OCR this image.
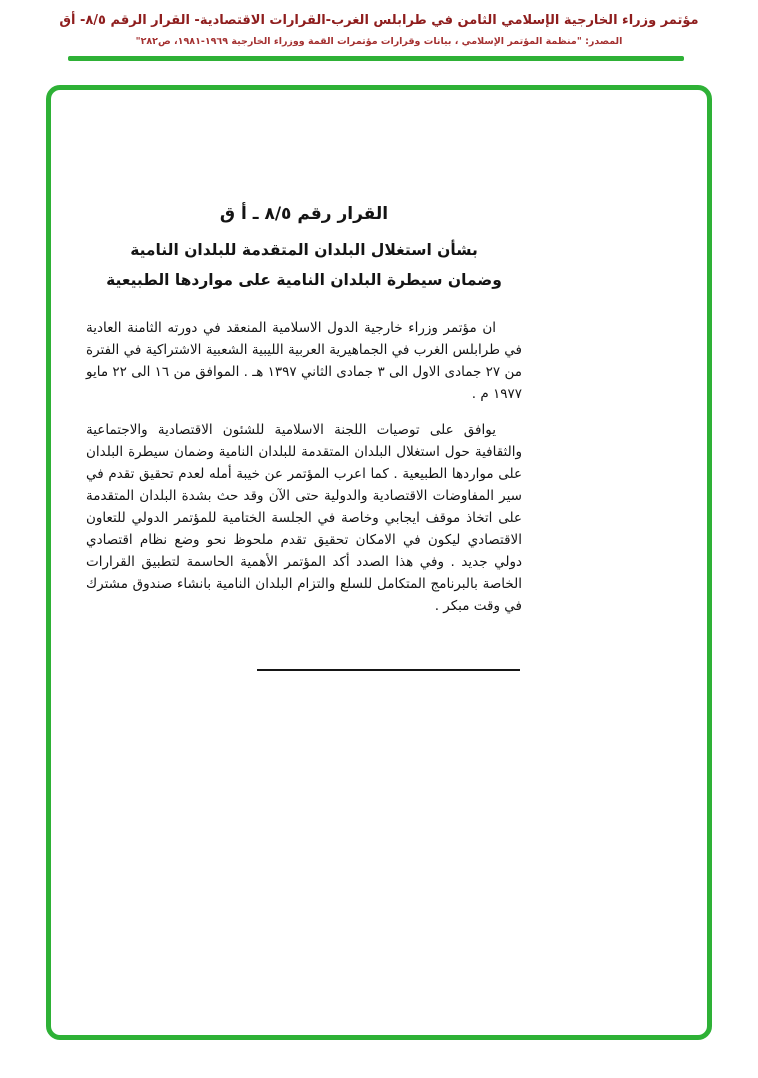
مؤتمر وزراء الخارجية الإسلامي الثامن في طرابلس الغرب-القرارات الاقتصادية- القرار الرقم ٨/٥- أق
المصدر: "منظمة المؤتمر الإسلامي ، بيانات وقرارات مؤتمرات القمة ووزراء الخارجية ١٩٦٩-١٩٨١، ص٢٨٢"
القرار رقم ٨/٥ ـ أ ق
بشأن استغلال البلدان المتقدمة للبلدان النامية
وضمان سيطرة البلدان النامية على مواردها الطبيعية

ان مؤتمر وزراء خارجية الدول الاسلامية المنعقد في دورته الثامنة العادية في طرابلس الغرب في الجماهيرية العربية الليبية الشعبية الاشتراكية في الفترة من ٢٧ جمادى الاول الى ٣ جمادى الثاني ١٣٩٧ هـ . الموافق من ١٦ الى ٢٢ مايو ١٩٧٧ م .

يوافق على توصيات اللجنة الاسلامية للشئون الاقتصادية والاجتماعية والثقافية حول استغلال البلدان المتقدمة للبلدان النامية وضمان سيطرة البلدان على مواردها الطبيعية . كما اعرب المؤتمر عن خيبة أمله لعدم تحقيق تقدم في سير المفاوضات الاقتصادية والدولية حتى الآن وقد حث بشدة البلدان المتقدمة على اتخاذ موقف ايجابي وخاصة في الجلسة الختامية للمؤتمر الدولي للتعاون الاقتصادي ليكون في الامكان تحقيق تقدم ملحوظ نحو وضع نظام اقتصادي دولي جديد . وفي هذا الصدد أكد المؤتمر الأهمية الحاسمة لتطبيق القرارات الخاصة بالبرنامج المتكامل للسلع والتزام البلدان النامية بانشاء صندوق مشترك في وقت مبكر .
